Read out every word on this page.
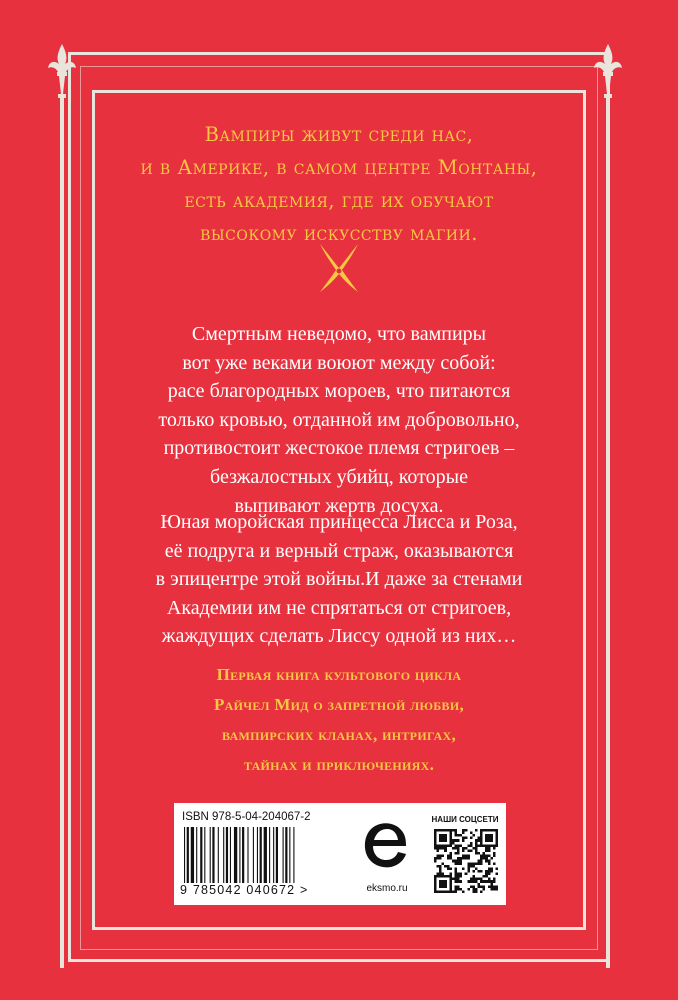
Вампиры живут среди нас,
и в Америке, в самом центре Монтаны,
есть академия, где их обучают
высокому искусству магии.
Смертным неведомо, что вампиры
вот уже веками воюют между собой:
расе благородных мороев, что питаются
только кровью, отданной им добровольно,
противостоит жестокое племя стригоев –
безжалостных убийц, которые
выпивают жертв досуха.
Юная моройская принцесса Лисса и Роза,
её подруга и верный страж, оказываются
в эпицентре этой войны.И даже за стенами
Академии им не спрятаться от стригоев,
жаждущих сделать Лиссу одной из них…
Первая книга культового цикла
Райчел Мид о запретной любви,
вампирских кланах, интригах,
тайнах и приключениях.
ISBN 978-5-04-204067-2
9 785042 040672 >	eksmo.ru
НАШИ СОЦСЕТИ
